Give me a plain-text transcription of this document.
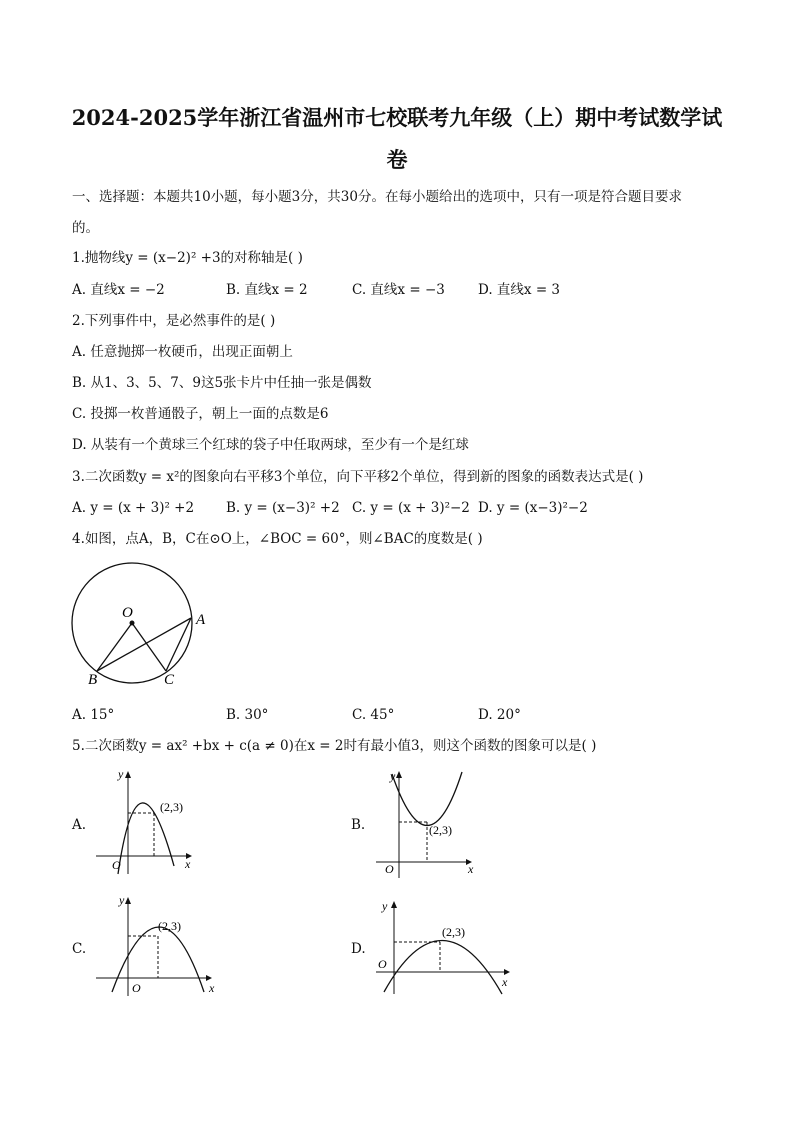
2024-2025学年浙江省温州市七校联考九年级（上）期中考试数学试
卷
一、选择题：本题共10小题，每小题3分，共30分。在每小题给出的选项中，只有一项是符合题目要求
的。
1.抛物线y = (x−2)² +3的对称轴是( )
A. 直线x = −2	B. 直线x = 2	C. 直线x = −3 D. 直线x = 3
2.下列事件中，是必然事件的是( )
A. 任意抛掷一枚硬币，出现正面朝上
B. 从1、3、5、7、9这5张卡片中任抽一张是偶数
C. 投掷一枚普通骰子，朝上一面的点数是6
D. 从装有一个黄球三个红球的袋子中任取两球，至少有一个是红球
3.二次函数y = x²的图象向右平移3个单位，向下平移2个单位，得到新的图象的函数表达式是( )
A. y = (x + 3)² +2 B. y = (x−3)² +2 C. y = (x + 3)²−2 D. y = (x−3)²−2
4.如图，点A，B，C在⊙O上，∠BOC = 60°，则∠BAC的度数是( )
O	A
B	C
A. 15°	B. 30°	C. 45°	D. 20°
5.二次函数y = ax² +bx + c(a ≠ 0)在x = 2时有最小值3，则这个函数的图象可以是( )
A.
(2,3)
y
x
O
B.	(2,3)
y
x
O
C.
(2,3)
y
x
O
D.
(2,3)
y
x
O
